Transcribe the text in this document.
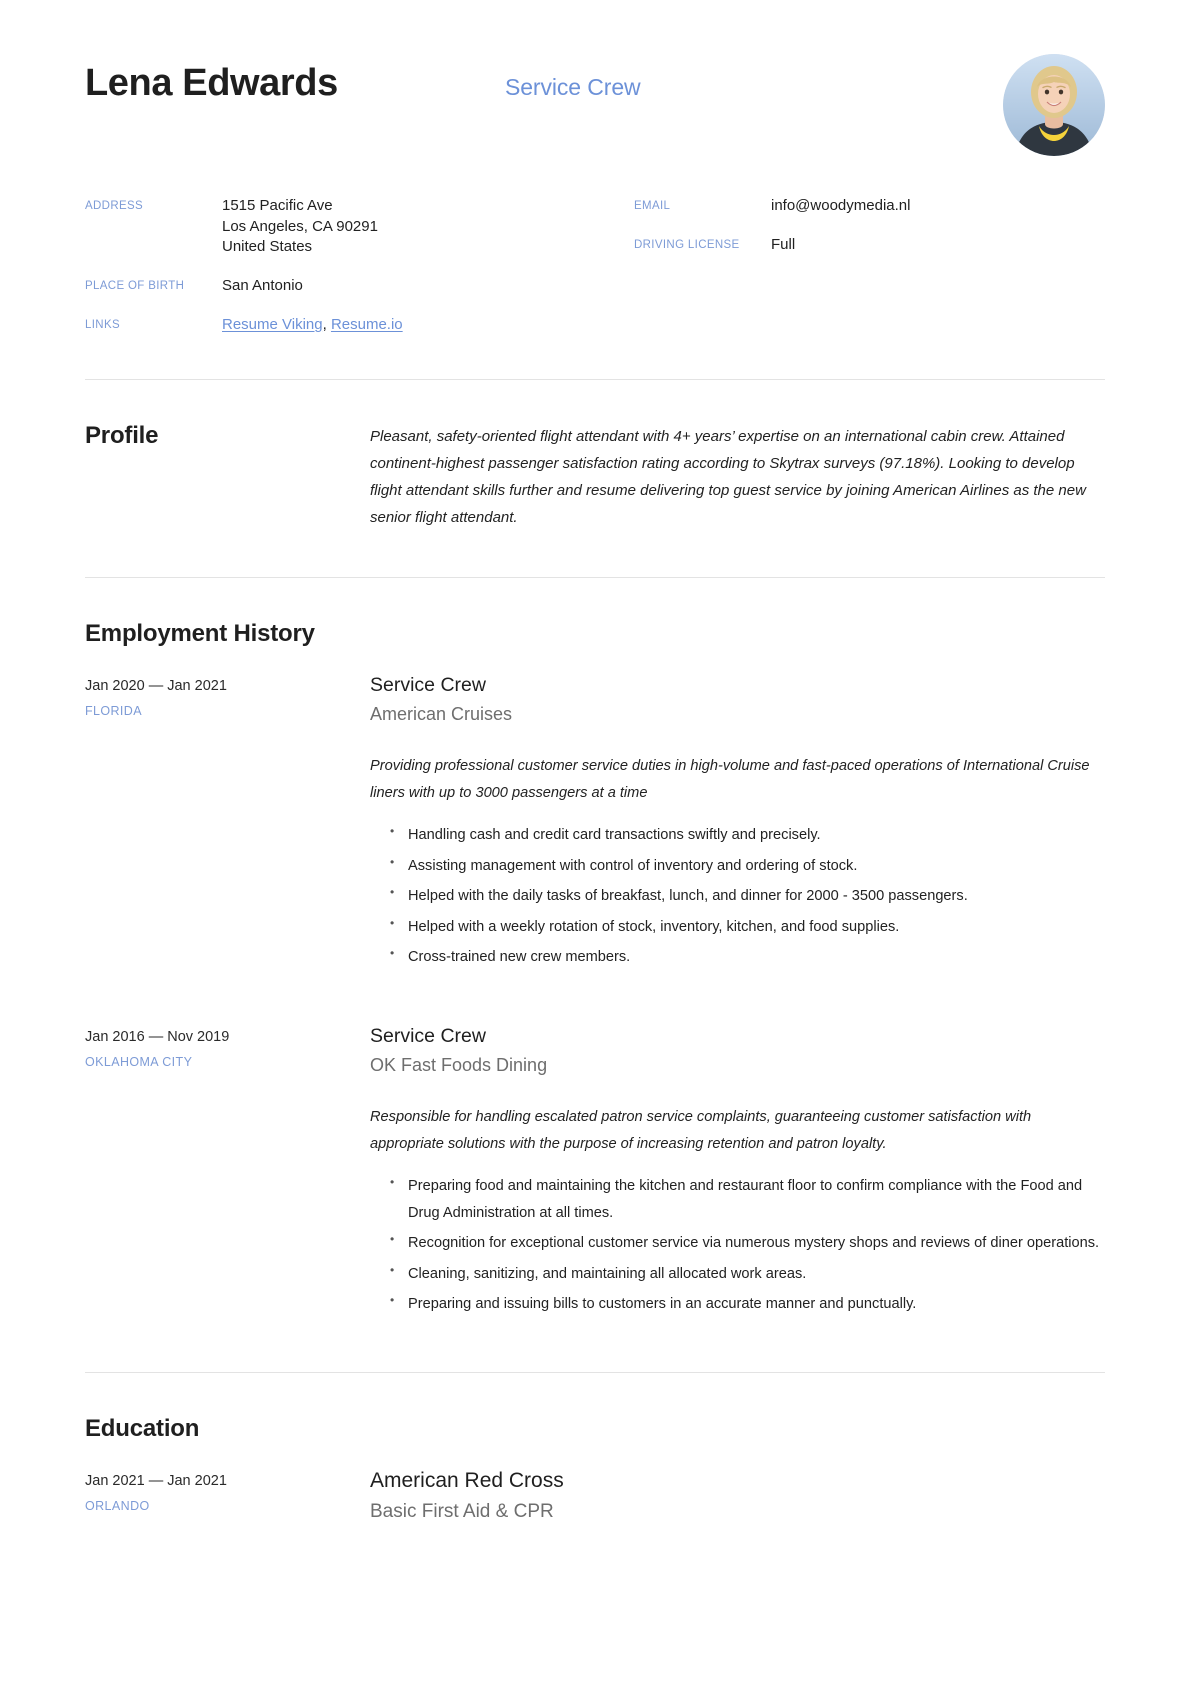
Lena Edwards	Service Crew
ADDRESS	1515 Pacific Ave
Los Angeles, CA 90291
United States
PLACE OF BIRTH	San Antonio
LINKS	Resume Viking, Resume.io
EMAIL	info@woodymedia.nl
DRIVING LICENSE	Full
Profile	Pleasant, safety-oriented flight attendant with 4+ years’ expertise on an international cabin crew. Attained continent-highest passenger satisfaction rating according to Skytrax surveys (97.18%). Looking to develop flight attendant skills further and resume delivering top guest service by joining American Airlines as the new senior flight attendant.

Employment History
Jan 2020 — Jan 2021
FLORIDA
Service Crew

American Cruises

Providing professional customer service duties in high-volume and fast-paced operations of International Cruise liners with up to 3000 passengers at a time

• Handling cash and credit card transactions swiftly and precisely.
• Assisting management with control of inventory and ordering of stock.
• Helped with the daily tasks of breakfast, lunch, and dinner for 2000 - 3500 passengers.
• Helped with a weekly rotation of stock, inventory, kitchen, and food supplies.
• Cross-trained new crew members.
Jan 2016 — Nov 2019
OKLAHOMA CITY
Service Crew

OK Fast Foods Dining

Responsible for handling escalated patron service complaints, guaranteeing customer satisfaction with appropriate solutions with the purpose of increasing retention and patron loyalty.

• Preparing food and maintaining the kitchen and restaurant floor to confirm compliance with the Food and Drug Administration at all times.
• Recognition for exceptional customer service via numerous mystery shops and reviews of diner operations.
• Cleaning, sanitizing, and maintaining all allocated work areas.
• Preparing and issuing bills to customers in an accurate manner and punctually.
Education
Jan 2021 — Jan 2021
ORLANDO
American Red Cross

Basic First Aid & CPR
